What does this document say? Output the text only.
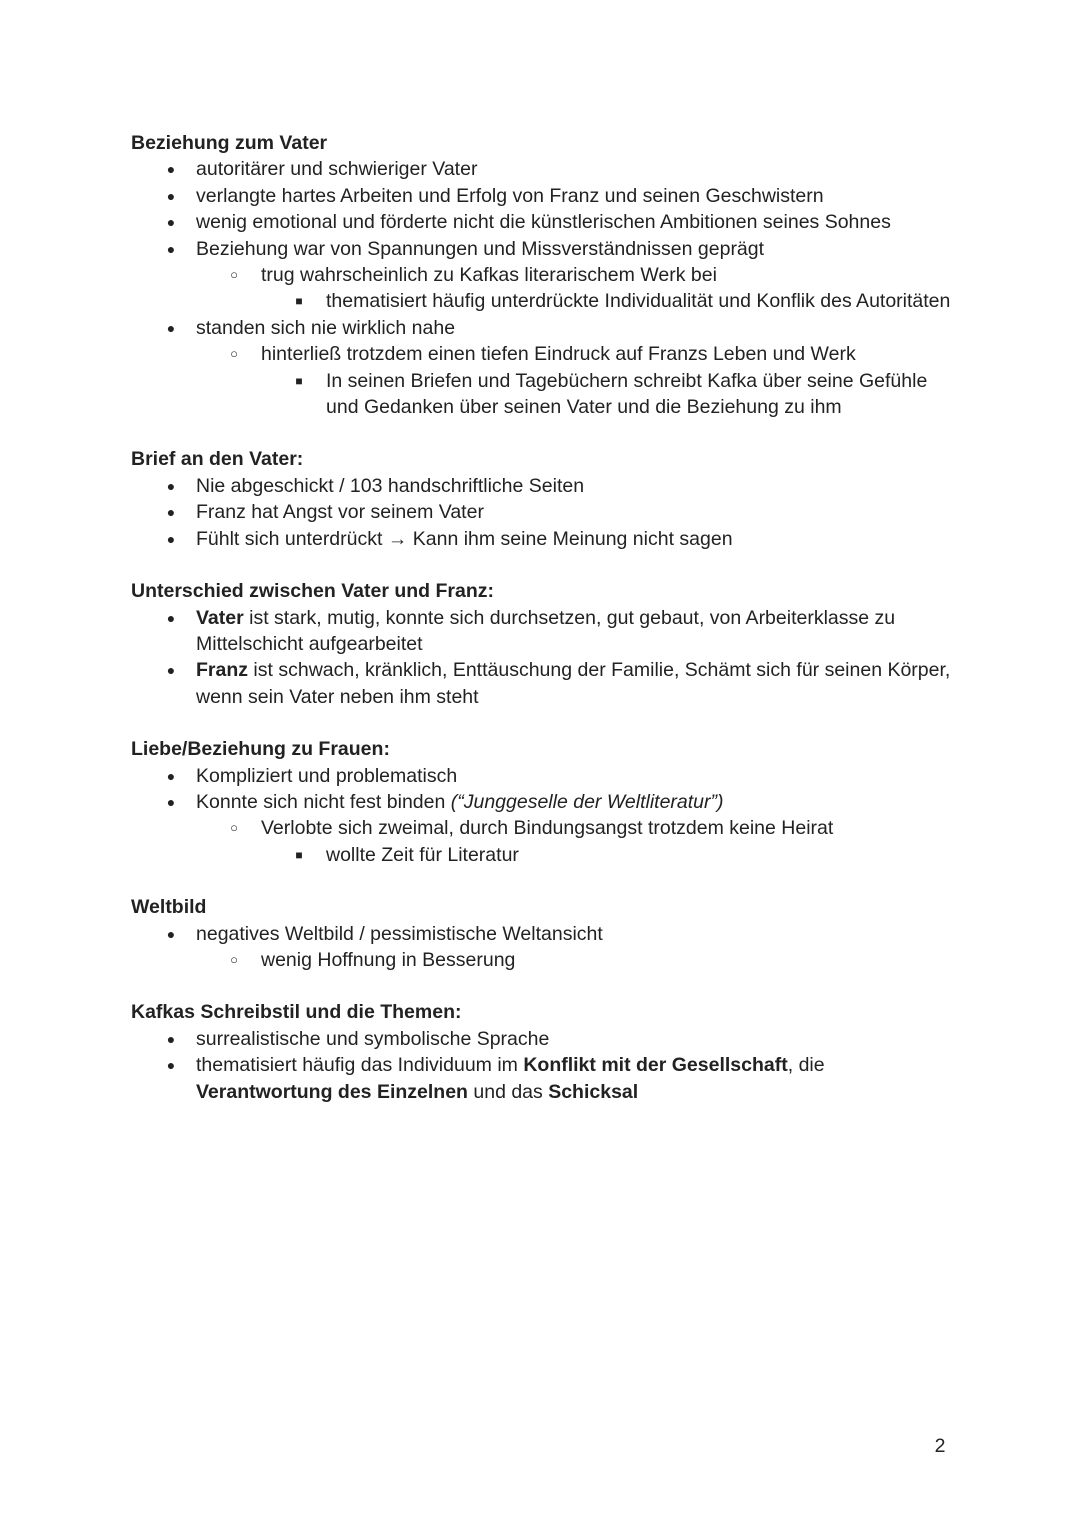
Beziehung zum Vater

● autoritärer und schwieriger Vater
● verlangte hartes Arbeiten und Erfolg von Franz und seinen Geschwistern
● wenig emotional und förderte nicht die künstlerischen Ambitionen seines Sohnes
● Beziehung war von Spannungen und Missverständnissen geprägt
○	trug wahrscheinlich zu Kafkas literarischem Werk bei
■	thematisiert häufig unterdrückte Individualität und Konflik des Autoritäten
● standen sich nie wirklich nahe
○	hinterließ trotzdem einen tiefen Eindruck auf Franzs Leben und Werk
■	In seinen Briefen und Tagebüchern schreibt Kafka über seine Gefühle und Gedanken über seinen Vater und die Beziehung zu ihm

Brief an den Vater:

● Nie abgeschickt / 103 handschriftliche Seiten
● Franz hat Angst vor seinem Vater
● Fühlt sich unterdrückt → Kann ihm seine Meinung nicht sagen

Unterschied zwischen Vater und Franz:

● Vater ist stark, mutig, konnte sich durchsetzen, gut gebaut, von Arbeiterklasse zu Mittelschicht aufgearbeitet
● Franz ist schwach, kränklich, Enttäuschung der Familie, Schämt sich für seinen Körper, wenn sein Vater neben ihm steht

Liebe/Beziehung zu Frauen:

● Kompliziert und problematisch
● Konnte sich nicht fest binden (“Junggeselle der Weltliteratur”)
○	Verlobte sich zweimal, durch Bindungsangst trotzdem keine Heirat
■	wollte Zeit für Literatur

Weltbild

● negatives Weltbild / pessimistische Weltansicht
○	wenig Hoffnung in Besserung

Kafkas Schreibstil und die Themen:

● surrealistische und symbolische Sprache
● thematisiert häufig das Individuum im Konflikt mit der Gesellschaft, die Verantwortung des Einzelnen und das Schicksal
2
